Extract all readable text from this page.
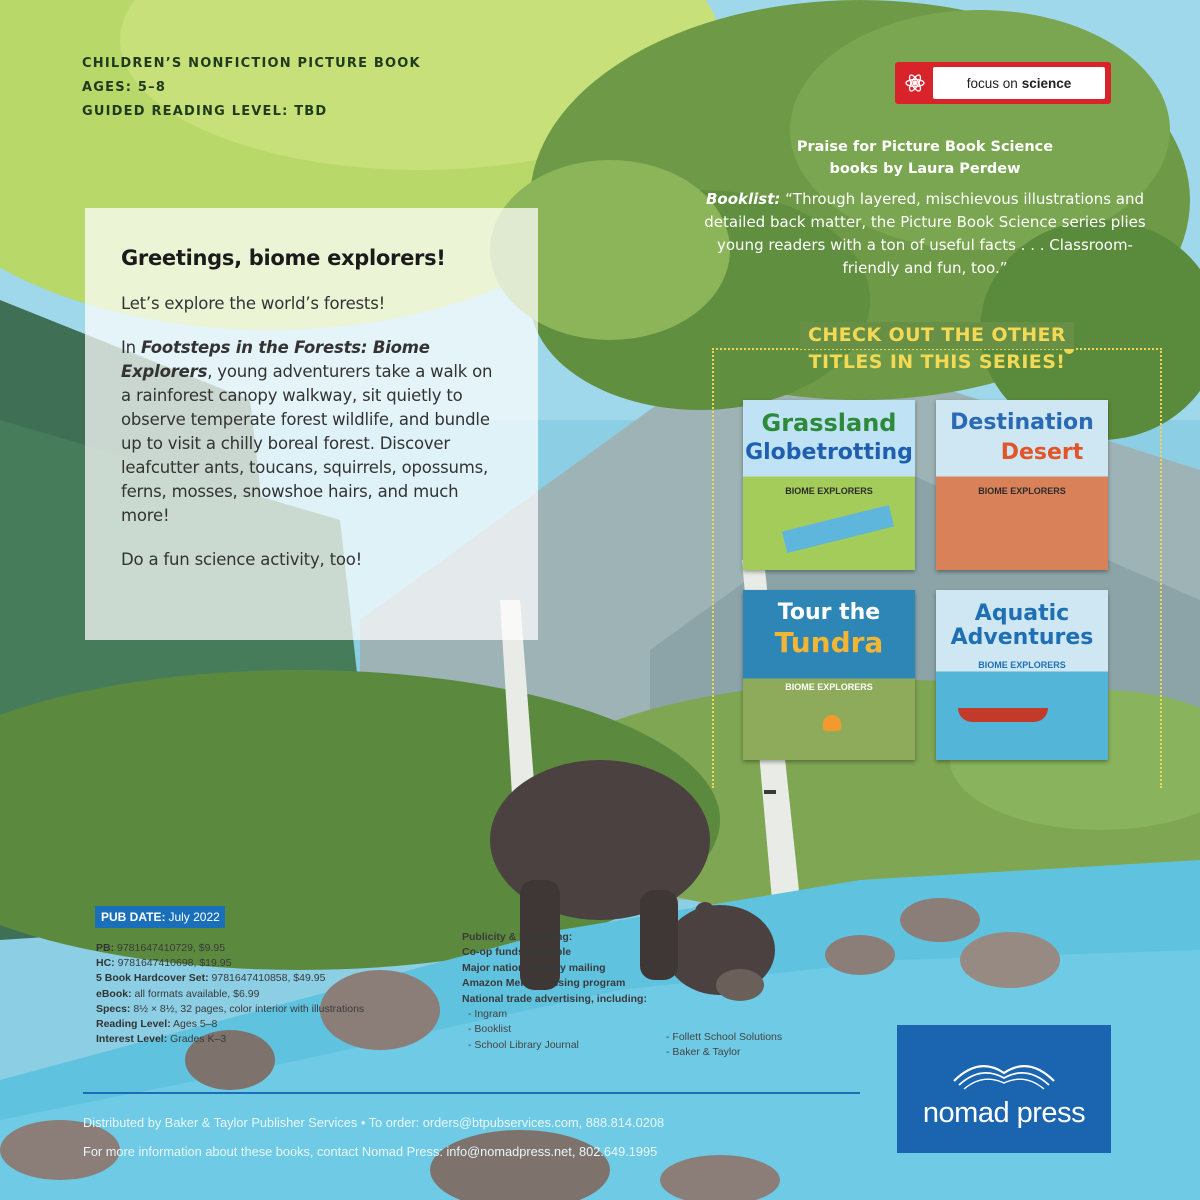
CHILDREN’S NONFICTION PICTURE BOOK
AGES: 5–8
GUIDED READING LEVEL: TBD
Greetings, biome explorers!

Let’s explore the world’s forests!

In Footsteps in the Forests: Biome Explorers, young adventurers take a walk on a rainforest canopy walkway, sit quietly to observe temperate forest wildlife, and bundle up to visit a chilly boreal forest. Discover leafcutter ants, toucans, squirrels, opossums, ferns, mosses, snowshoe hairs, and much more!

Do a fun science activity, too!

focus on science
Praise for Picture Book Science
books by Laura Perdew
Booklist: “Through layered, mischievous illustrations and detailed back matter, the Picture Book Science series plies young readers with a ton of useful facts . . . Classroom-friendly and fun, too.”
CHECK OUT THE OTHER
TITLES IN THIS SERIES!
Grassland
Globetrotting
BIOME EXPLORERS
Destination
Desert
BIOME EXPLORERS
Tour the
Tundra
BIOME EXPLORERS
Aquatic
Adventures
BIOME EXPLORERS
PUB DATE: July 2022
PB: 9781647410729, $9.95
HC: 9781647410698, $19.95
5 Book Hardcover Set: 9781647410858, $49.95
eBook: all formats available, $6.99
Specs: 8½ × 8½, 32 pages, color interior with illustrations
Reading Level: Ages 5–8
Interest Level: Grades K–3
Publicity & Marketing:
Co-op funds available
Major national galley mailing
Amazon Merchandising program
National trade advertising, including:
- Ingram
- Booklist
- School Library Journal
- Follett School Solutions
- Baker & Taylor
Distributed by Baker & Taylor Publisher Services • To order: orders@btpubservices.com, 888.814.0208
For more information about these books, contact Nomad Press: info@nomadpress.net, 802.649.1995
nomad press
